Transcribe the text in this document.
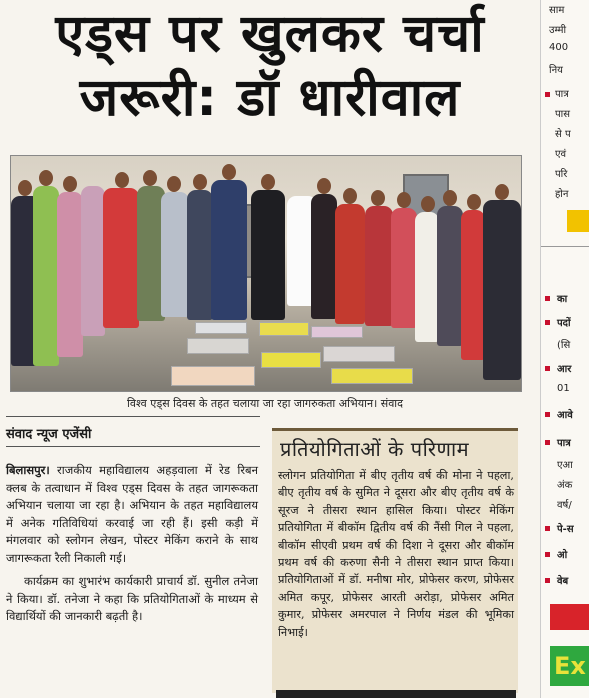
एड्स पर खुलकर चर्चा
जरूरी: डॉ धारीवाल
विश्व एड्स दिवस के तहत चलाया जा रहा जागरुकता अभियान। संवाद
संवाद न्यूज एजेंसी

बिलासपुर। राजकीय महाविद्यालय अहड़वाला में रेड रिबन क्लब के तत्वाधान में विश्व एड्स दिवस के तहत जागरूकता अभियान चलाया जा रहा है। अभियान के तहत महाविद्यालय में अनेक गतिविधियां करवाई जा रही हैं। इसी कड़ी में मंगलवार को स्लोगन लेखन, पोस्टर मेकिंग कराने के साथ जागरूकता रैली निकाली गई।

कार्यक्रम का शुभारंभ कार्यकारी प्राचार्य डॉ. सुनील तनेजा ने किया। डॉ. तनेजा ने कहा कि प्रतियोगिताओं के माध्यम से विद्यार्थियों की जानकारी बढ़ती है।

प्रतियोगिताओं के परिणाम
स्लोगन प्रतियोगिता में बीए तृतीय वर्ष की मोना ने पहला, बीए तृतीय वर्ष के सुमित ने दूसरा और बीए तृतीय वर्ष के सूरज ने तीसरा स्थान हासिल किया। पोस्टर मेकिंग प्रतियोगिता में बीकॉम द्वितीय वर्ष की नैंसी गिल ने पहला, बीकॉम सीएवी प्रथम वर्ष की दिशा ने दूसरा और बीकॉम प्रथम वर्ष की करुणा सैनी ने तीसरा स्थान प्राप्त किया। प्रतियोगिताओं में डॉ. मनीषा मोर, प्रोफेसर करण, प्रोफेसर अमित कपूर, प्रोफेसर आरती अरोड़ा, प्रोफेसर अमित कुमार, प्रोफेसर अमरपाल ने निर्णय मंडल की भूमिका निभाई।
साम
उम्मी
400
निय
पात्र
पास
से प
एवं
परि
होन
का
पदों
(सि
आर
01
आवे
पात्र
एआ
अंक
वर्ष/
पे-स
ओ
वेब
Ex
